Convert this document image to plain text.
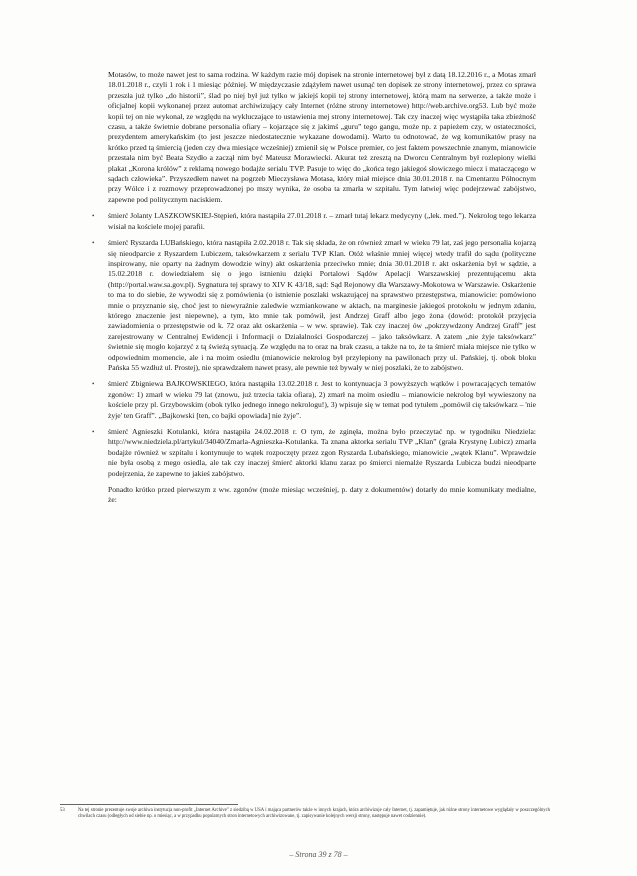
Motasów, to może nawet jest to sama rodzina. W każdym razie mój dopisek na stronie internetowej był z datą 18.12.2016 r., a Motas zmarł 18.01.2018 r., czyli 1 rok i 1 miesiąc później. W międzyczasie zdążyłem nawet usunąć ten dopisek ze strony internetowej, przez co sprawa przeszła już tylko „do historii”, ślad po niej był już tylko w jakiejś kopii tej strony internetowej, którą mam na serwerze, a także może i oficjalnej kopii wykonanej przez automat archiwizujący cały Internet (różne strony internetowe) http://web.archive.org53. Lub być może kopii tej on nie wykonał, ze względu na wykluczające to ustawienia mej strony internetowej. Tak czy inaczej więc wystąpiła taka zbieżność czasu, a także świetnie dobrane personalia ofiary – kojarzące się z jakimś „guru” tego gangu, może np. z papieżem czy, w ostateczności, prezydentem amerykańskim (to jest jeszcze niedostatecznie wykazane dowodami). Warto tu odnotować, że wg komunikatów prasy na krótko przed tą śmiercią (jeden czy dwa miesiące wcześniej) zmienił się w Polsce premier, co jest faktem powszechnie znanym, mianowicie przestała nim być Beata Szydło a zaczął nim być Mateusz Morawiecki. Akurat też zresztą na Dworcu Centralnym był rozlepiony wielki plakat „Korona królów” z reklamą nowego bodajże serialu TVP. Pasuje to więc do „końca tego jakiegoś słowiczego miecz i mataczącego w sądach człowieka”. Przyszedłem nawet na pogrzeb Mieczysława Motasa, który miał miejsce dnia 30.01.2018 r. na Cmentarzu Północnym przy Wólce i z rozmowy przeprowadzonej po mszy wynika, że osoba ta zmarła w szpitalu. Tym łatwiej więc podejrzewać zabójstwo, zapewne pod politycznym naciskiem.

• śmierć Jolanty LASZKOWSKIEJ-Stępień, która nastąpiła 27.01.2018 r. – zmarł tutaj lekarz medycyny („lek. med.”). Nekrolog tego lekarza wisiał na kościele mojej parafii.
• śmierć Ryszarda LUBańskiego, która nastąpiła 2.02.2018 r. Tak się składa, że on również zmarł w wieku 79 lat, zaś jego personalia kojarzą się nieodparcie z Ryszardem Lubiczem, taksówkarzem z serialu TVP Klan. Otóż właśnie mniej więcej wtedy trafił do sądu (polityczne inspirowany, nie oparty na żadnym dowodzie winy) akt oskarżenia przeciwko mnie; dnia 30.01.2018 r. akt oskarżenia był w sądzie, a 15.02.2018 r. dowiedziałem się o jego istnieniu dzięki Portalowi Sądów Apelacji Warszawskiej prezentującemu akta (http://portal.waw.sa.gov.pl). Sygnatura tej sprawy to XIV K 43/18, sąd: Sąd Rejonowy dla Warszawy-Mokotowa w Warszawie. Oskarżenie to ma to do siebie, że wywodzi się z pomówienia (o istnienie poszlaki wskazującej na sprawstwo przestępstwa, mianowicie: pomówiono mnie o przyznanie się, choć jest to niewyraźnie zaledwie wzmiankowane w aktach, na marginesie jakiegoś protokołu w jednym zdaniu, którego znaczenie jest niepewne), a tym, kto mnie tak pomówił, jest Andrzej Graff albo jego żona (dowód: protokół przyjęcia zawiadomienia o przestępstwie od k. 72 oraz akt oskarżenia – w ww. sprawie). Tak czy inaczej ów „pokrzywdzony Andrzej Graff” jest zarejestrowany w Centralnej Ewidencji i Informacji o Działalności Gospodarczej – jako taksówkarz. A zatem „nie żyje taksówkarz” świetnie się mogło kojarzyć z tą świeżą sytuacją. Ze względu na to oraz na brak czasu, a także na to, że ta śmierć miała miejsce nie tylko w odpowiednim momencie, ale i na moim osiedlu (mianowicie nekrolog był przylepiony na pawilonach przy ul. Pańskiej, tj. obok bloku Pańska 55 wzdłuż ul. Prostej), nie sprawdzałem nawet prasy, ale pewnie też bywały w niej poszlaki, że to zabójstwo.
• śmierć Zbigniewa BAJKOWSKIEGO, która nastąpiła 13.02.2018 r. Jest to kontynuacja 3 powyższych wątków i powracających tematów zgonów: 1) zmarł w wieku 79 lat (znowu, już trzecia takia ofiara), 2) zmarł na moim osiedlu – mianowicie nekrolog był wywieszony na kościele przy pl. Grzybowskim (obok tylko jednego innego nekrologu!), 3) wpisuje się w temat pod tytułem „pomówił cię taksówkarz – 'nie żyje' ten Graff”. „Bajkowski [ten, co bajki opowiada] nie żyje”.
• śmierć Agnieszki Kotulanki, która nastąpiła 24.02.2018 r. O tym, że zginęła, można było przeczytać np. w tygodniku Niedziela: http://www.niedziela.pl/artykul/34040/Zmarla-Agnieszka-Kotulanka. Ta znana aktorka serialu TVP „Klan” (grała Krystynę Lubicz) zmarła bodajże również w szpitalu i kontynuuje to wątek rozpoczęty przez zgon Ryszarda Lubańskiego, mianowicie „wątek Klanu”. Wprawdzie nie była osobą z mego osiedla, ale tak czy inaczej śmierć aktorki klanu zaraz po śmierci niemalże Ryszarda Lubicza budzi nieodparte podejrzenia, że zapewne to jakieś zabójstwo.

Ponadto krótko przed pierwszym z ww. zgonów (może miesiąc wcześniej, p. daty z dokumentów) dotarły do mnie komunikaty medialne, że:

53	Na tej stronie prezentuje swoje archiwa instytucja non-profit „Internet Archive” z siedzibą w USA i mająca partnerów także w innych krajach, która archiwizuje cały Internet, tj. zapamiętuje, jak różne strony internetowe wyglądały w poszczególnych chwilach czasu (odległych od siebie np. o miesiąc, a w przypadku popularnych stron internetowych archiwizowane, tj. zapisywanie kolejnych wersji strony, następuje nawet codziennie).
– Strona 39 z 78 –
